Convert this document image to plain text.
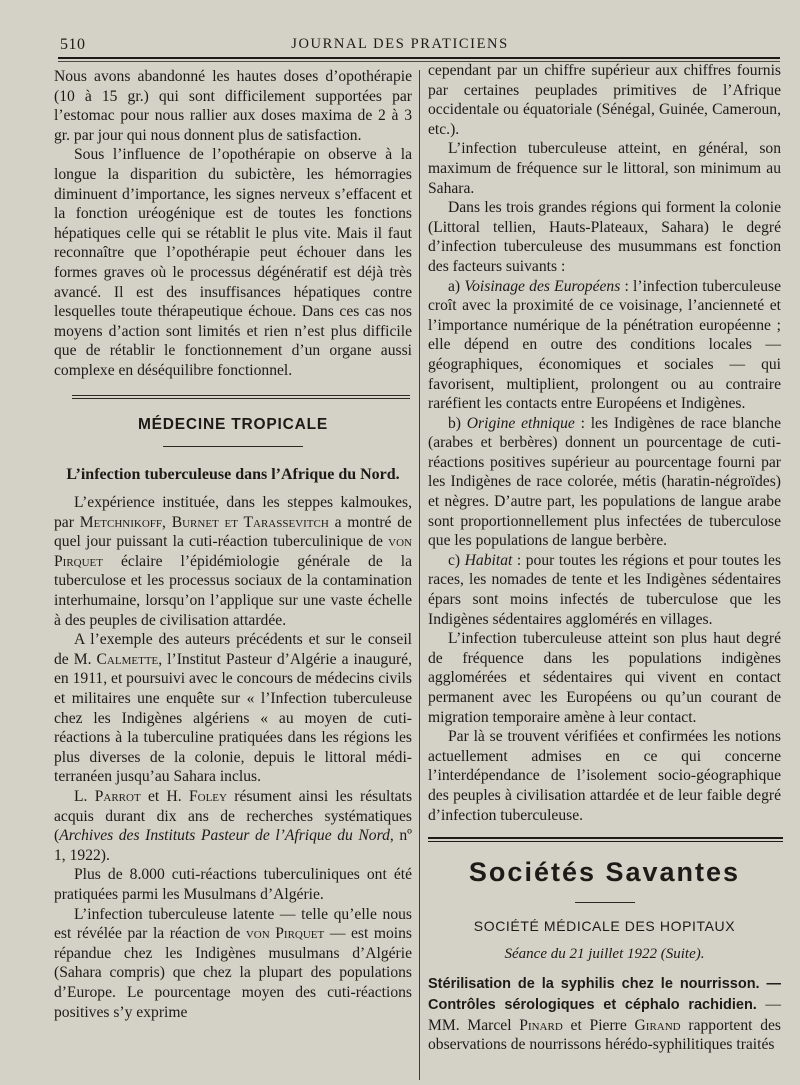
510	JOURNAL DES PRATICIENS

Nous avons abandonné les hautes doses d’opothérapie (10 à 15 gr.) qui sont difficilement supportées par l’estomac pour nous rallier aux doses maxima de 2 à 3 gr. par jour qui nous donnent plus de satisfaction.

Sous l’influence de l’opothérapie on observe à la longue la disparition du subictère, les hémorragies diminuent d’importance, les signes nerveux s’effacent et la fonction uréogénique est de toutes les fonctions hépatiques celle qui se rétablit le plus vite. Mais il faut reconnaître que l’opothérapie peut échouer dans les formes graves où le processus dégénératif est déjà très avancé. Il est des insuffisances hépatiques contre lesquelles toute thérapeutique échoue. Dans ces cas nos moyens d’action sont limités et rien n’est plus difficile que de rétablir le fonctionnement d’un organe aussi complexe en déséquilibre fonctionnel.

MÉDECINE TROPICALE
L’infection tuberculeuse dans l’Afrique du Nord.

L’expérience instituée, dans les steppes kalmoukes, par Metchnikoff, Burnet et Tarassevitch a montré de quel jour puissant la cuti-réaction tuberculinique de von Pirquet éclaire l’épidémiologie générale de la tuberculose et les processus sociaux de la contamination interhumaine, lorsqu’on l’applique sur une vaste échelle à des peuples de civilisation attardée.

A l’exemple des auteurs précédents et sur le conseil de M. Calmette, l’Institut Pasteur d’Algérie a inauguré, en 1911, et poursuivi avec le concours de médecins civils et militaires une enquête sur « l’Infection tuberculeuse chez les Indigènes algériens « au moyen de cuti-réactions à la tuberculine pratiquées dans les régions les plus diverses de la colonie, depuis le littoral méditerranéen jusqu’au Sahara inclus.

L. Parrot et H. Foley résument ainsi les résultats acquis durant dix ans de recherches systématiques (Archives des Instituts Pasteur de l’Afrique du Nord, nº 1, 1922).

Plus de 8.000 cuti-réactions tuberculiniques ont été pratiquées parmi les Musulmans d’Algérie.

L’infection tuberculeuse latente — telle qu’elle nous est révélée par la réaction de von Pirquet — est moins répandue chez les Indigènes musulmans d’Algérie (Sahara compris) que chez la plupart des populations d’Europe. Le pourcentage moyen des cuti-réactions positives s’y exprime

cependant par un chiffre supérieur aux chiffres fournis par certaines peuplades primitives de l’Afrique occidentale ou équatoriale (Sénégal, Guinée, Cameroun, etc.).

L’infection tuberculeuse atteint, en général, son maximum de fréquence sur le littoral, son minimum au Sahara.

Dans les trois grandes régions qui forment la colonie (Littoral tellien, Hauts-Plateaux, Sahara) le degré d’infection tuberculeuse des musummans est fonction des facteurs suivants :

a) Voisinage des Européens : l’infection tuberculeuse croît avec la proximité de ce voisinage, l’ancienneté et l’importance numérique de la pénétration européenne ; elle dépend en outre des conditions locales — géographiques, économiques et sociales — qui favorisent, multiplient, prolongent ou au contraire raréfient les contacts entre Européens et Indigènes.

b) Origine ethnique : les Indigènes de race blanche (arabes et berbères) donnent un pourcentage de cuti-réactions positives supérieur au pourcentage fourni par les Indigènes de race colorée, métis (haratin-négroïdes) et nègres. D’autre part, les populations de langue arabe sont proportionnellement plus infectées de tuberculose que les populations de langue berbère.

c) Habitat : pour toutes les régions et pour toutes les races, les nomades de tente et les Indigènes sédentaires épars sont moins infectés de tuberculose que les Indigènes sédentaires agglomérés en villages.

L’infection tuberculeuse atteint son plus haut degré de fréquence dans les populations indigènes agglomérées et sédentaires qui vivent en contact permanent avec les Européens ou qu’un courant de migration temporaire amène à leur contact.

Par là se trouvent vérifiées et confirmées les notions actuellement admises en ce qui concerne l’interdépendance de l’isolement socio-géographique des peuples à civilisation attardée et de leur faible degré d’infection tuberculeuse.

Sociétés Savantes
SOCIÉTÉ MÉDICALE DES HOPITAUX
Séance du 21 juillet 1922 (Suite).

Stérilisation de la syphilis chez le nourrisson. — Contrôles sérologiques et céphalo rachidien. — MM. Marcel Pinard et Pierre Girand rapportent des observations de nourrissons hérédo-syphilitiques traités
